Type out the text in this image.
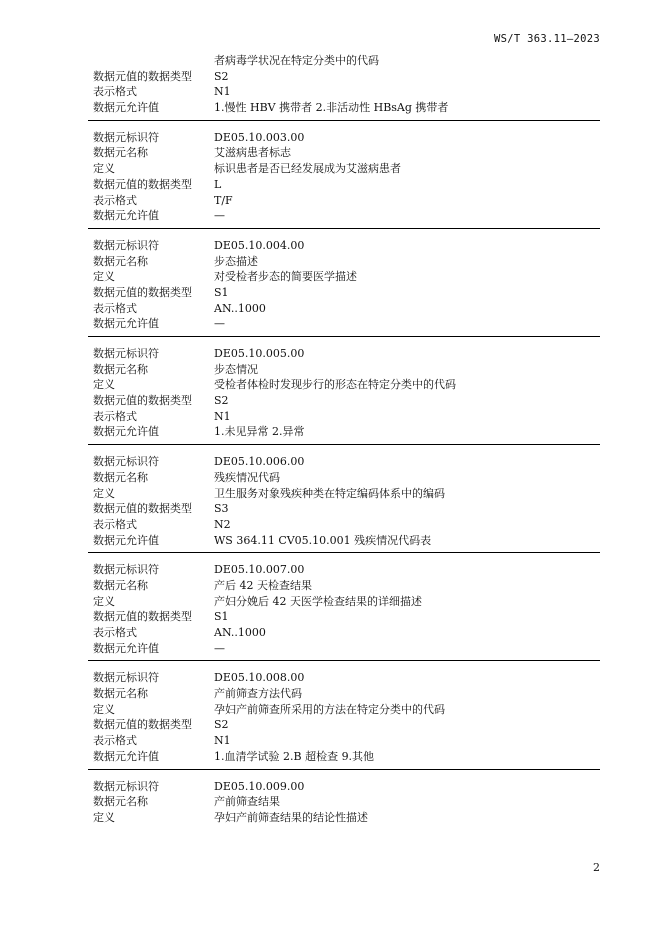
WS/T 363.11—2023
者病毒学状况在特定分类中的代码
数据元值的数据类型	S2
表示格式	N1
数据元允许值	1.慢性 HBV 携带者 2.非活动性 HBsAg 携带者
数据元标识符	DE05.10.003.00
数据元名称	艾滋病患者标志
定义	标识患者是否已经发展成为艾滋病患者
数据元值的数据类型	L
表示格式	T/F
数据元允许值	—
数据元标识符	DE05.10.004.00
数据元名称	步态描述
定义	对受检者步态的简要医学描述
数据元值的数据类型	S1
表示格式	AN..1000
数据元允许值	—
数据元标识符	DE05.10.005.00
数据元名称	步态情况
定义	受检者体检时发现步行的形态在特定分类中的代码
数据元值的数据类型	S2
表示格式	N1
数据元允许值	1.未见异常 2.异常
数据元标识符	DE05.10.006.00
数据元名称	残疾情况代码
定义	卫生服务对象残疾种类在特定编码体系中的编码
数据元值的数据类型	S3
表示格式	N2
数据元允许值	WS 364.11 CV05.10.001 残疾情况代码表
数据元标识符	DE05.10.007.00
数据元名称	产后 42 天检查结果
定义	产妇分娩后 42 天医学检查结果的详细描述
数据元值的数据类型	S1
表示格式	AN..1000
数据元允许值	—
数据元标识符	DE05.10.008.00
数据元名称	产前筛查方法代码
定义	孕妇产前筛查所采用的方法在特定分类中的代码
数据元值的数据类型	S2
表示格式	N1
数据元允许值	1.血清学试验 2.B 超检查 9.其他
数据元标识符	DE05.10.009.00
数据元名称	产前筛查结果
定义	孕妇产前筛查结果的结论性描述
2
